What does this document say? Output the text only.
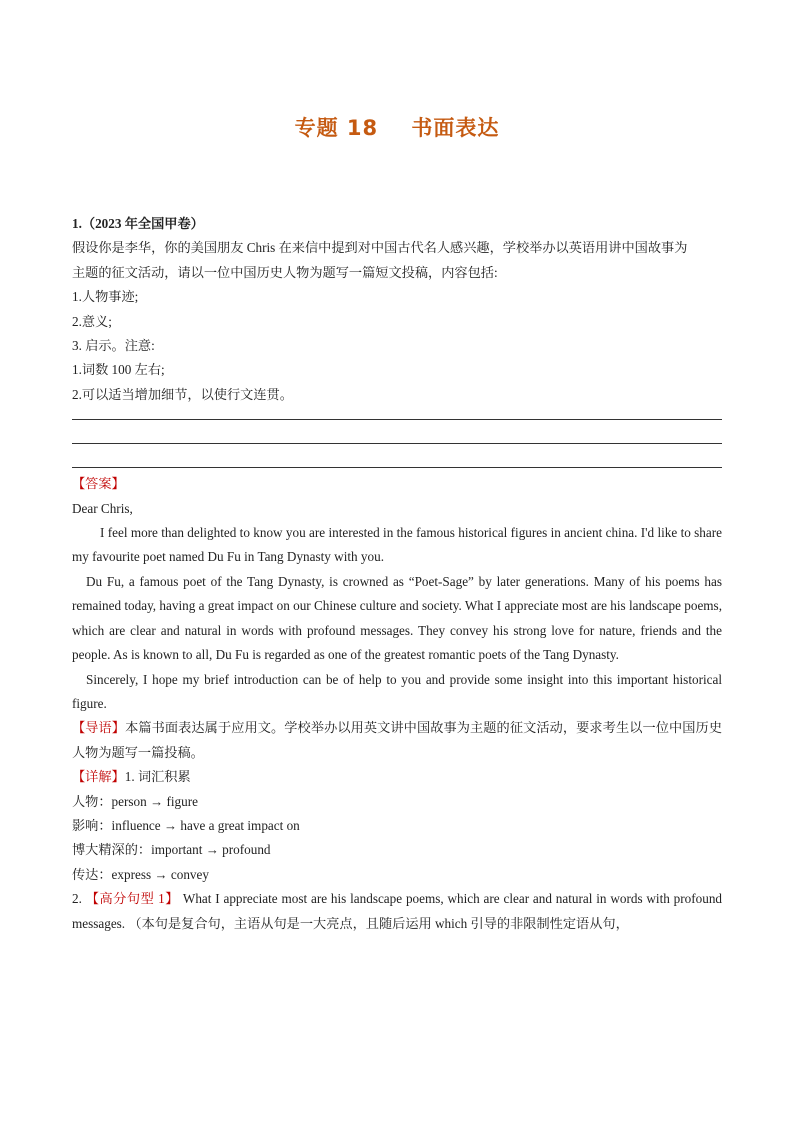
专题 18    书面表达
1.（2023 年全国甲卷）
假设你是李华，你的美国朋友 Chris 在来信中提到对中国古代名人感兴趣，学校举办以英语用讲中国故事为
主题的征文活动，请以一位中国历史人物为题写一篇短文投稿，内容包括:
1.人物事迹;
2.意义;
3. 启示。注意:
1.词数 100 左右;
2.可以适当增加细节，以使行文连贯。
【答案】
Dear Chris,
I feel more than delighted to know you are interested in the famous historical figures in ancient china. I'd like to share my favourite poet named Du Fu in Tang Dynasty with you.
Du Fu, a famous poet of the Tang Dynasty, is crowned as “Poet-Sage” by later generations. Many of his poems has remained today, having a great impact on our Chinese culture and society. What I appreciate most are his landscape poems, which are clear and natural in words with profound messages. They convey his strong love for nature, friends and the people. As is known to all, Du Fu is regarded as one of the greatest romantic poets of the Tang Dynasty.
Sincerely, I hope my brief introduction can be of help to you and provide some insight into this important historical figure.
【导语】本篇书面表达属于应用文。学校举办以用英文讲中国故事为主题的征文活动，要求考生以一位中国历史人物为题写一篇投稿。
【详解】1. 词汇积累
人物：person → figure
影响：influence → have a great impact on
博大精深的：important → profound
传达：express → convey
2. 【高分句型 1】 What I appreciate most are his landscape poems, which are clear and natural in words with profound messages. （本句是复合句，主语从句是一大亮点，且随后运用 which 引导的非限制性定语从句，
